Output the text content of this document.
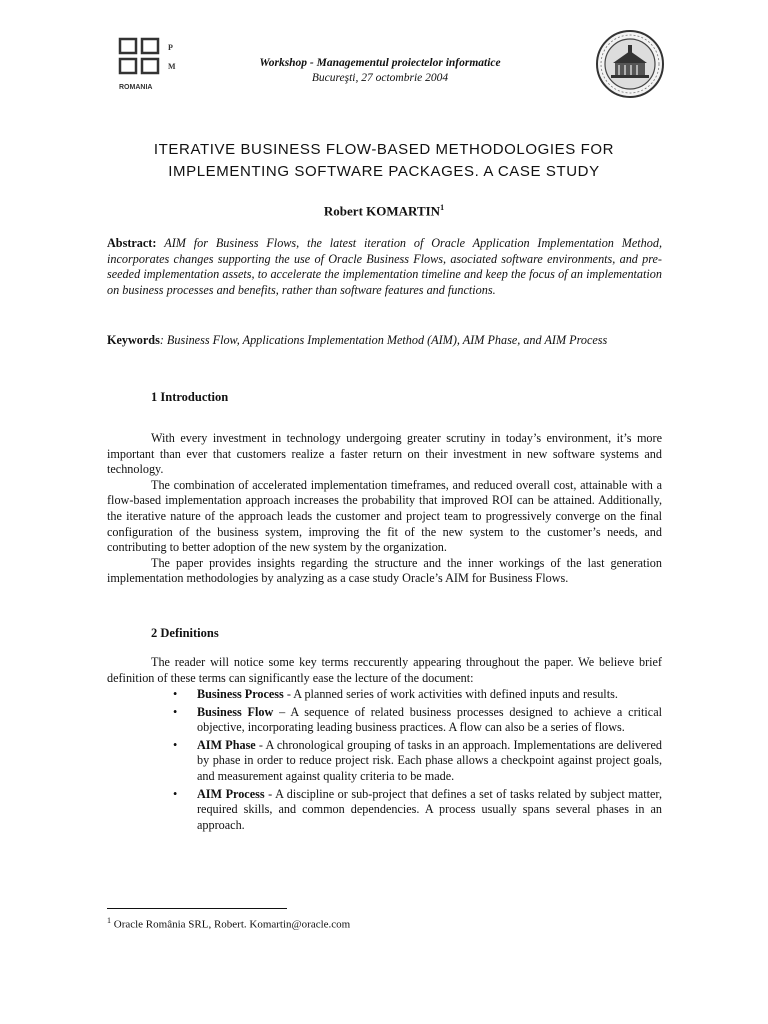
P
M
ROMANIA
Workshop - Managementul proiectelor informatice
Bucureşti, 27 octombrie 2004
ITERATIVE BUSINESS FLOW-BASED METHODOLOGIES FOR
IMPLEMENTING SOFTWARE PACKAGES. A CASE STUDY
Robert KOMARTIN$^1$
Abstract: AIM for Business Flows, the latest iteration of Oracle Application Implementation Method, incorporates changes supporting the use of Oracle Business Flows, asociated software environments, and pre-seeded implementation assets, to accelerate the implementation timeline and keep the focus of an implementation on business processes and benefits, rather than software features and functions.
Keywords: Business Flow, Applications Implementation Method (AIM), AIM Phase, and AIM Process
1 Introduction

With every investment in technology undergoing greater scrutiny in today’s environment, it’s more important than ever that customers realize a faster return on their investment in new software systems and technology.

The combination of accelerated implementation timeframes, and reduced overall cost, attainable with a flow-based implementation approach increases the probability that improved ROI can be attained. Additionally, the iterative nature of the approach leads the customer and project team to progressively converge on the final configuration of the business system, improving the fit of the new system to the customer’s needs, and contributing to better adoption of the new system by the organization.

The paper provides insights regarding the structure and the inner workings of the last generation implementation methodologies by analyzing as a case study Oracle’s AIM for Business Flows.

2 Definitions

The reader will notice some key terms reccurently appearing throughout the paper. We believe brief definition of these terms can significantly ease the lecture of the document:

• Business Process - A planned series of work activities with defined inputs and results.
• Business Flow – A sequence of related business processes designed to achieve a critical objective, incorporating leading business practices. A flow can also be a series of flows.
• AIM Phase - A chronological grouping of tasks in an approach. Implementations are delivered by phase in order to reduce project risk. Each phase allows a checkpoint against project goals, and measurement against quality criteria to be made.
• AIM Process - A discipline or sub-project that defines a set of tasks related by subject matter, required skills, and common dependencies. A process usually spans several phases in an approach.
$^1$ Oracle România SRL, Robert. Komartin@oracle.com
